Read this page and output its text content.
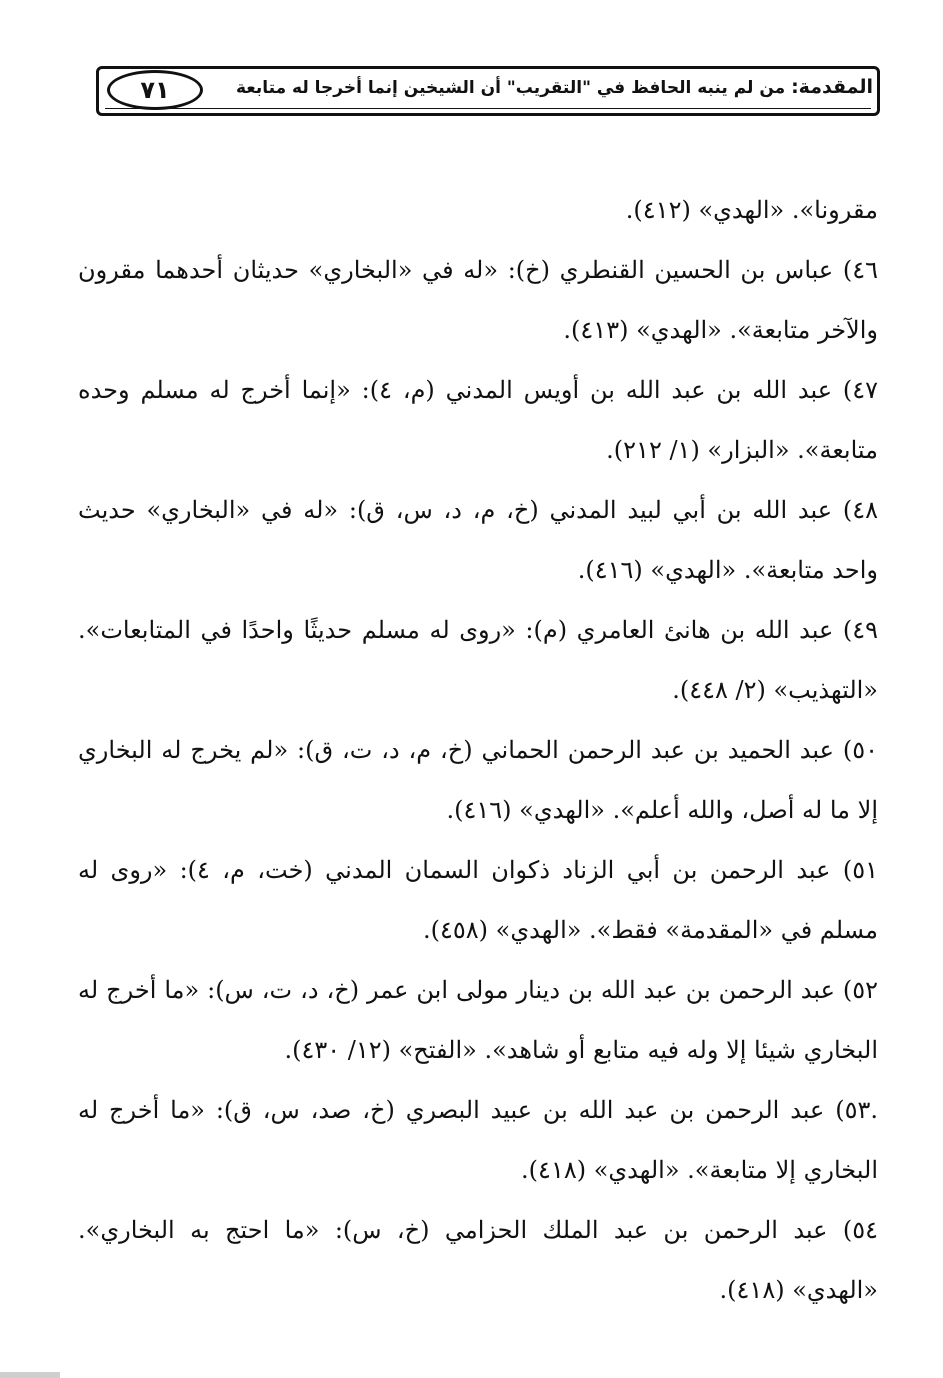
٧١	المقدمة: من لم ينبه الحافظ في "التقريب" أن الشيخين إنما أخرجا له متابعة

مقرونا». «الهدي» (٤١٢).

٤٦) عباس بن الحسين القنطري (خ): «له في «البخاري» حديثان أحدهما مقرون والآخر متابعة». «الهدي» (٤١٣).

٤٧) عبد الله بن عبد الله بن أويس المدني (م، ٤): «إنما أخرج له مسلم وحده متابعة». «البزار» (١/ ٢١٢).

٤٨) عبد الله بن أبي لبيد المدني (خ، م، د، س، ق): «له في «البخاري» حديث واحد متابعة». «الهدي» (٤١٦).

٤٩) عبد الله بن هانئ العامري (م): «روى له مسلم حديثًا واحدًا في المتابعات». «التهذيب» (٢/ ٤٤٨).

٥٠) عبد الحميد بن عبد الرحمن الحماني (خ، م، د، ت، ق): «لم يخرج له البخاري إلا ما له أصل، والله أعلم». «الهدي» (٤١٦).

٥١) عبد الرحمن بن أبي الزناد ذكوان السمان المدني (خت، م، ٤): «روى له مسلم في «المقدمة» فقط». «الهدي» (٤٥٨).

٥٢) عبد الرحمن بن عبد الله بن دينار مولى ابن عمر (خ، د، ت، س): «ما أخرج له البخاري شيئا إلا وله فيه متابع أو شاهد». «الفتح» (١٢/ ٤٣٠).

.٥٣) عبد الرحمن بن عبد الله بن عبيد البصري (خ، صد، س، ق): «ما أخرج له البخاري إلا متابعة». «الهدي» (٤١٨).

٥٤) عبد الرحمن بن عبد الملك الحزامي (خ، س): «ما احتج به البخاري». «الهدي» (٤١٨).
